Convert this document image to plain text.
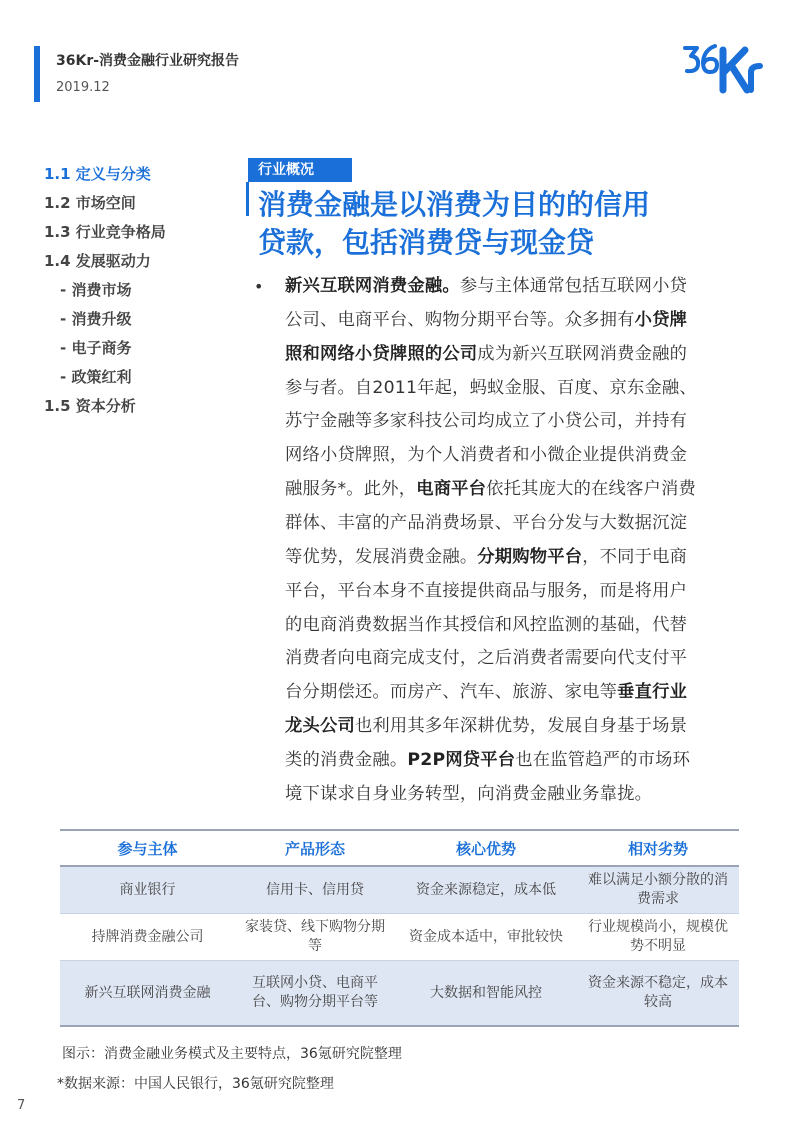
36Kr-消费金融行业研究报告
2019.12
1.1 定义与分类
1.2 市场空间
1.3 行业竞争格局
1.4 发展驱动力
- 消费市场
- 消费升级
- 电子商务
- 政策红利
1.5 资本分析
行业概况
消费金融是以消费为目的的信用
贷款，包括消费贷与现金贷
• 新兴互联网消费金融。参与主体通常包括互联网小贷

公司、电商平台、购物分期平台等。众多拥有小贷牌

照和网络小贷牌照的公司成为新兴互联网消费金融的

参与者。自2011年起，蚂蚁金服、百度、京东金融、

苏宁金融等多家科技公司均成立了小贷公司，并持有

网络小贷牌照，为个人消费者和小微企业提供消费金

融服务*。此外，电商平台依托其庞大的在线客户消费

群体、丰富的产品消费场景、平台分发与大数据沉淀

等优势，发展消费金融。分期购物平台，不同于电商

平台，平台本身不直接提供商品与服务，而是将用户

的电商消费数据当作其授信和风控监测的基础，代替

消费者向电商完成支付，之后消费者需要向代支付平

台分期偿还。而房产、汽车、旅游、家电等垂直行业

龙头公司也利用其多年深耕优势，发展自身基于场景

类的消费金融。P2P网贷平台也在监管趋严的市场环

境下谋求自身业务转型，向消费金融业务靠拢。

参与主体	产品形态	核心优势	相对劣势
商业银行	信用卡、信用贷	资金来源稳定，成本低	难以满足小额分散的消费需求
持牌消费金融公司	家装贷、线下购物分期等	资金成本适中，审批较快	行业规模尚小，规模优势不明显
新兴互联网消费金融	互联网小贷、电商平台、购物分期平台等	大数据和智能风控	资金来源不稳定，成本较高
图示：消费金融业务模式及主要特点，36氪研究院整理
*数据来源：中国人民银行，36氪研究院整理
7
